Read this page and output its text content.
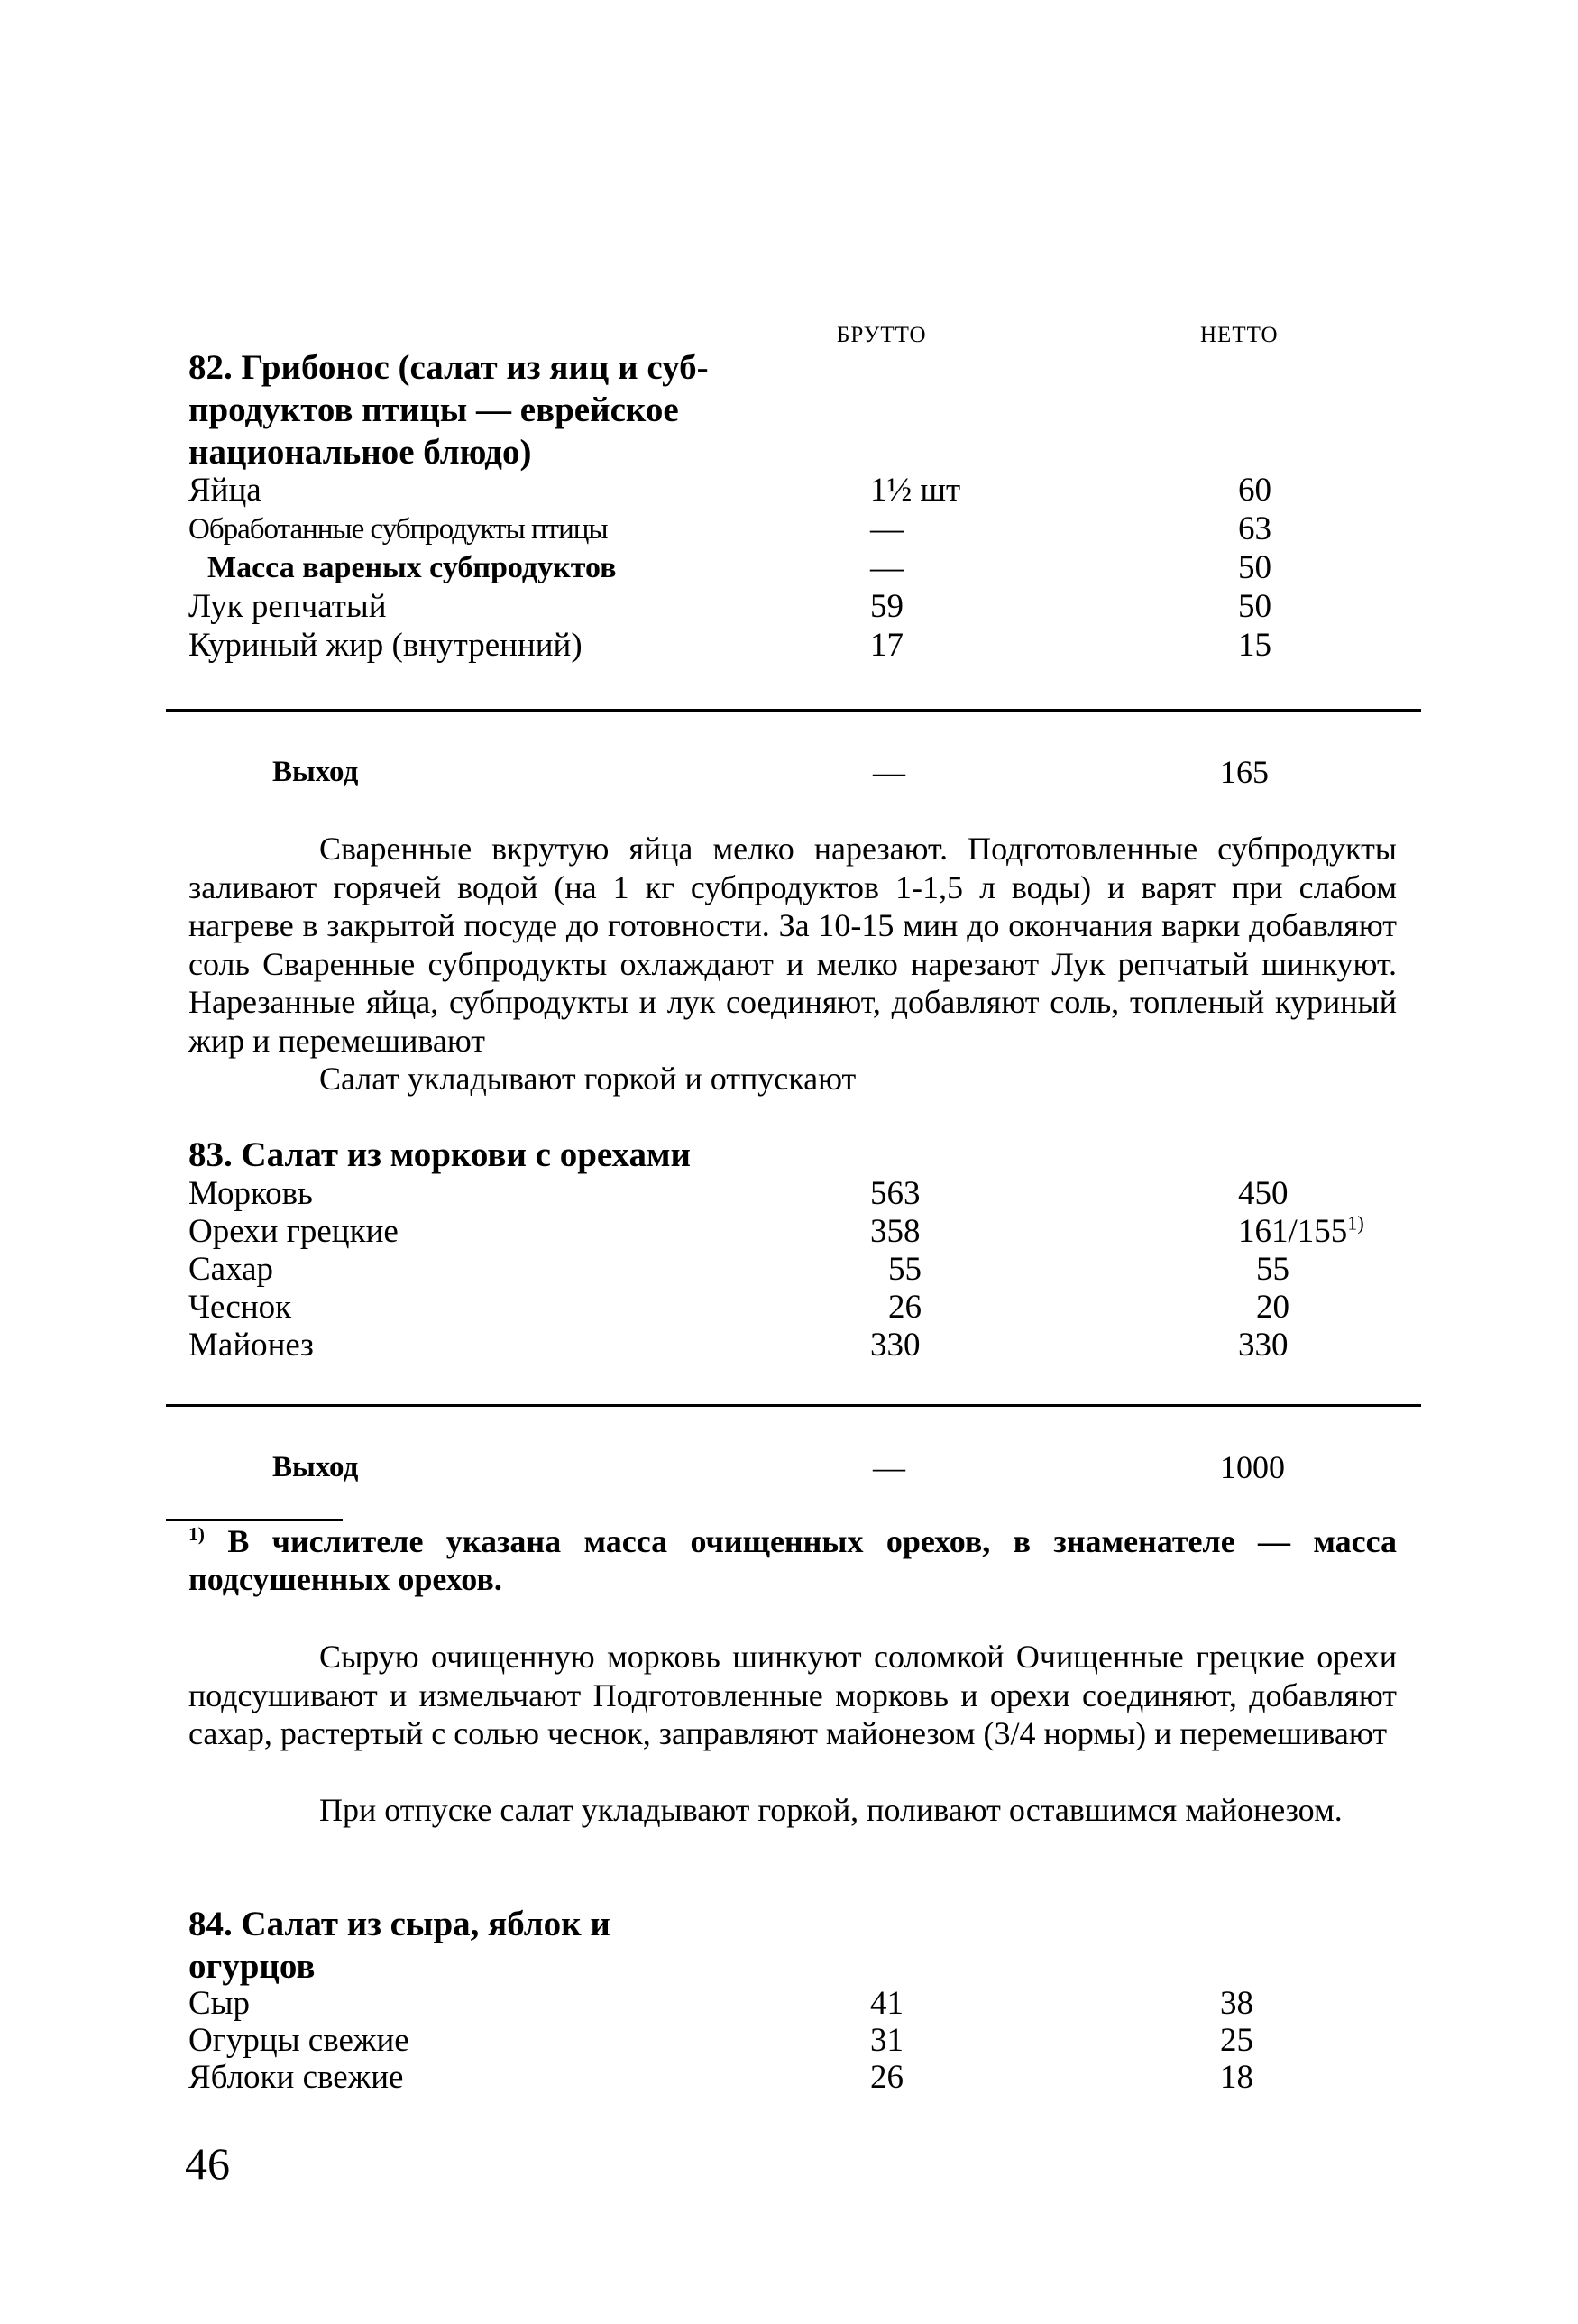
БРУТТО	НЕТТО
82. Грибонос (салат из яиц и суб-продуктов птицы — еврейское национальное блюдо)
Яйца	1½ шт	60
Обработанные субпродукты птицы	—	63
Масса вареных субпродуктов	—	50
Лук репчатый	59	50
Куриный жир (внутренний)	17	15
Выход	—	165

Сваренные вкрутую яйца мелко нарезают. Подготовленные субпродукты заливают горячей водой (на 1 кг субпродуктов 1-1,5 л воды) и варят при слабом нагреве в закрытой посуде до готовности. За 10-15 мин до окончания варки добавляют соль Сваренные субпродукты охлаждают и мелко нарезают Лук репчатый шинкуют. Нарезанные яйца, субпродукты и лук соединяют, добавляют соль, топленый куриный жир и перемешивают

Салат укладывают горкой и отпускают

83. Салат из моркови с орехами
Морковь	563	450
Орехи грецкие	358	161/155$^{1)}$
Сахар	55	55
Чеснок	26	20
Майонез	330	330
Выход	—	1000

$^{1)}$ В числителе указана масса очищенных орехов, в знаменателе — масса подсушенных орехов.

Сырую очищенную морковь шинкуют соломкой Очищенные грецкие орехи подсушивают и измельчают Подготовленные морковь и орехи соединяют, добавляют сахар, растертый с солью чеснок, заправляют майонезом (3/4 нормы) и перемешивают

При отпуске салат укладывают горкой, поливают оставшимся майонезом.

84. Салат из сыра, яблок и огурцов
Сыр	41	38
Огурцы свежие	31	25
Яблоки свежие	26	18
46
